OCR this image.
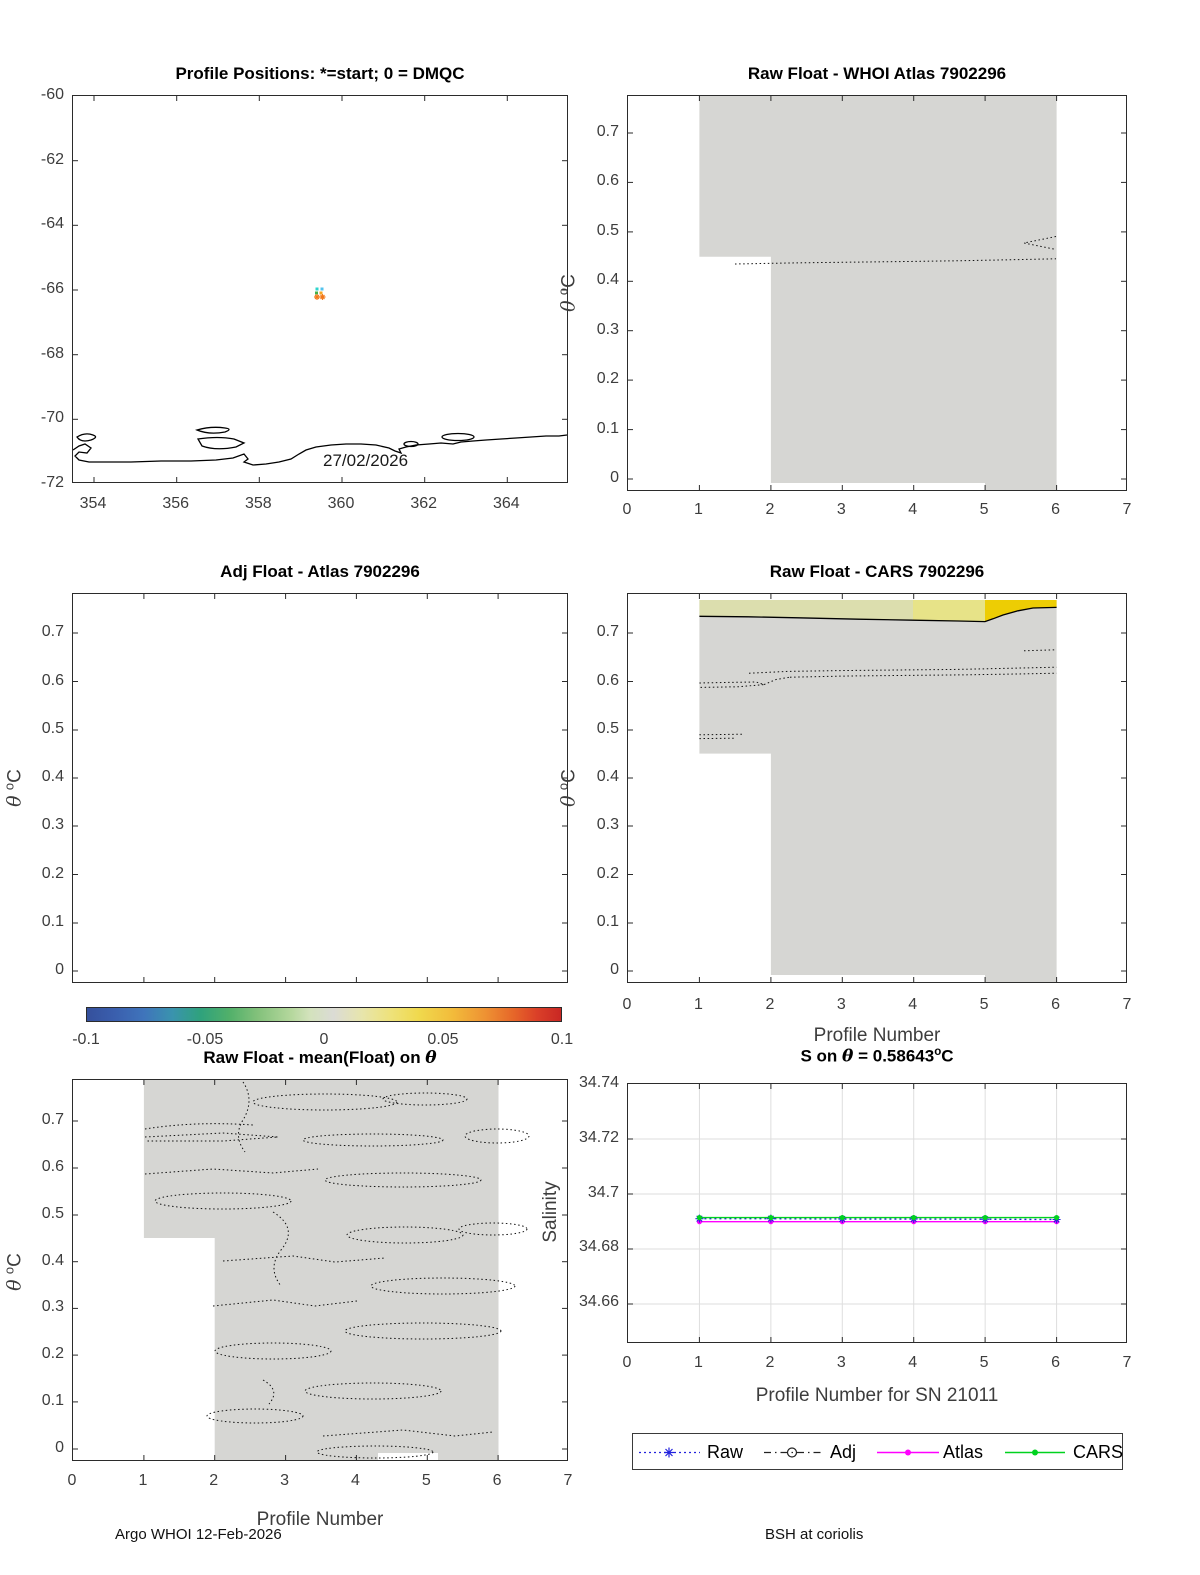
Profile Positions: *=start; 0 = DMQC
27/02/2026
Raw Float - WHOI Atlas 7902296
θ $^o$C
Adj Float - Atlas 7902296
θ $^o$C
Raw Float - CARS 7902296
θ $^o$C
Profile Number
Raw Float - mean(Float) on θ
θ $^o$C
Profile Number
S on $\theta = 0.58643^oC$
Salinity
Profile Number for SN 21011
Raw	Adj	Atlas	CARS
Argo WHOI 12-Feb-2026	BSH at coriolis
354	356	358	360	362	364
-60
-62
-64
-66
-68
-70
-72
0	1	2	3	4	5	6	7
0.7
0.6
0.5
0.4
0.3
0.2
0.1
0
0.7
0.6
0.5
0.4
0.3
0.2
0.1
0
-0.1	-0.05	0	0.05	0.1
0	1	2	3	4	5	6	7
0.7
0.6
0.5
0.4
0.3
0.2
0.1
0
0	1	2	3	4	5	6	7
0.7
0.6
0.5
0.4
0.3
0.2
0.1
0
0	1	2	3	4	5	6	7
34.74
34.72
34.7
34.68
34.66
